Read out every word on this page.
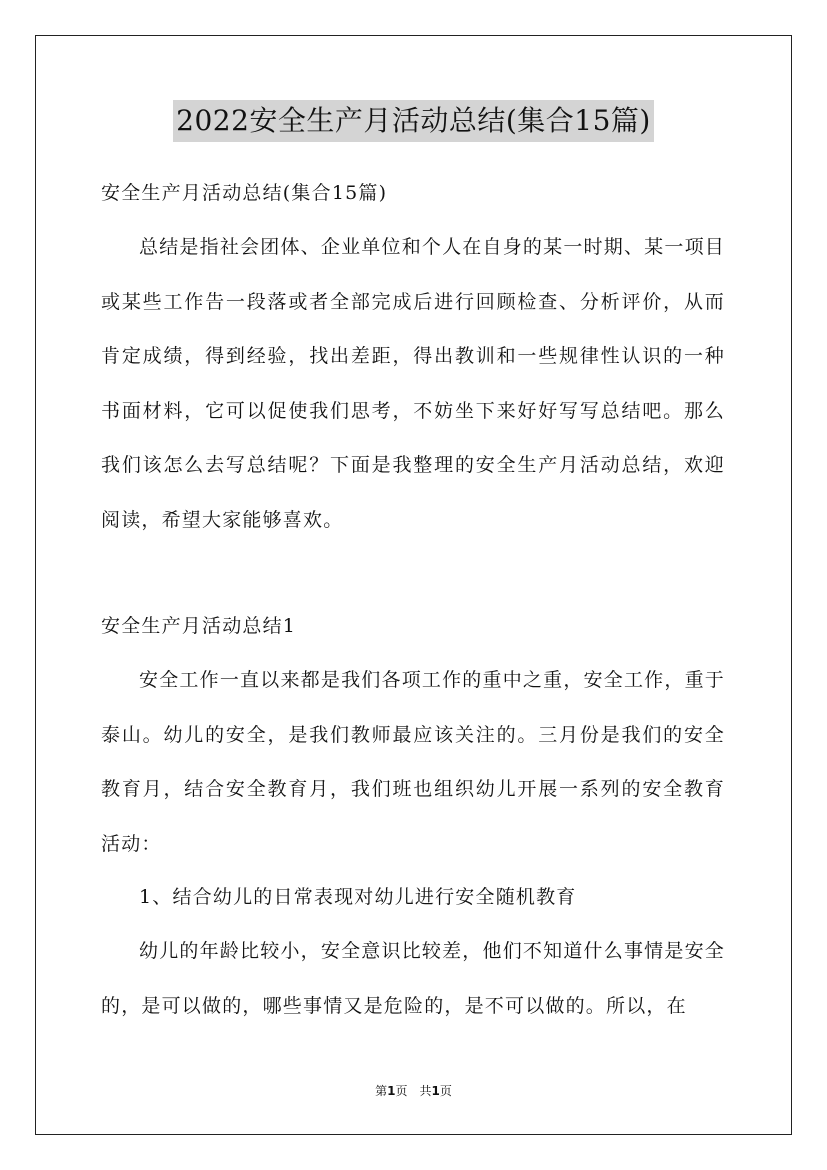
2022安全生产月活动总结(集合15篇)

安全生产月活动总结(集合15篇)

总结是指社会团体、企业单位和个人在自身的某一时期、某一项目或某些工作告一段落或者全部完成后进行回顾检查、分析评价，从而肯定成绩，得到经验，找出差距，得出教训和一些规律性认识的一种书面材料，它可以促使我们思考，不妨坐下来好好写写总结吧。那么我们该怎么去写总结呢？下面是我整理的安全生产月活动总结，欢迎阅读，希望大家能够喜欢。

安全生产月活动总结1

安全工作一直以来都是我们各项工作的重中之重，安全工作，重于泰山。幼儿的安全，是我们教师最应该关注的。三月份是我们的安全教育月，结合安全教育月，我们班也组织幼儿开展一系列的安全教育活动：

1、结合幼儿的日常表现对幼儿进行安全随机教育

幼儿的年龄比较小，安全意识比较差，他们不知道什么事情是安全的，是可以做的，哪些事情又是危险的，是不可以做的。所以，在

第1页　共1页
